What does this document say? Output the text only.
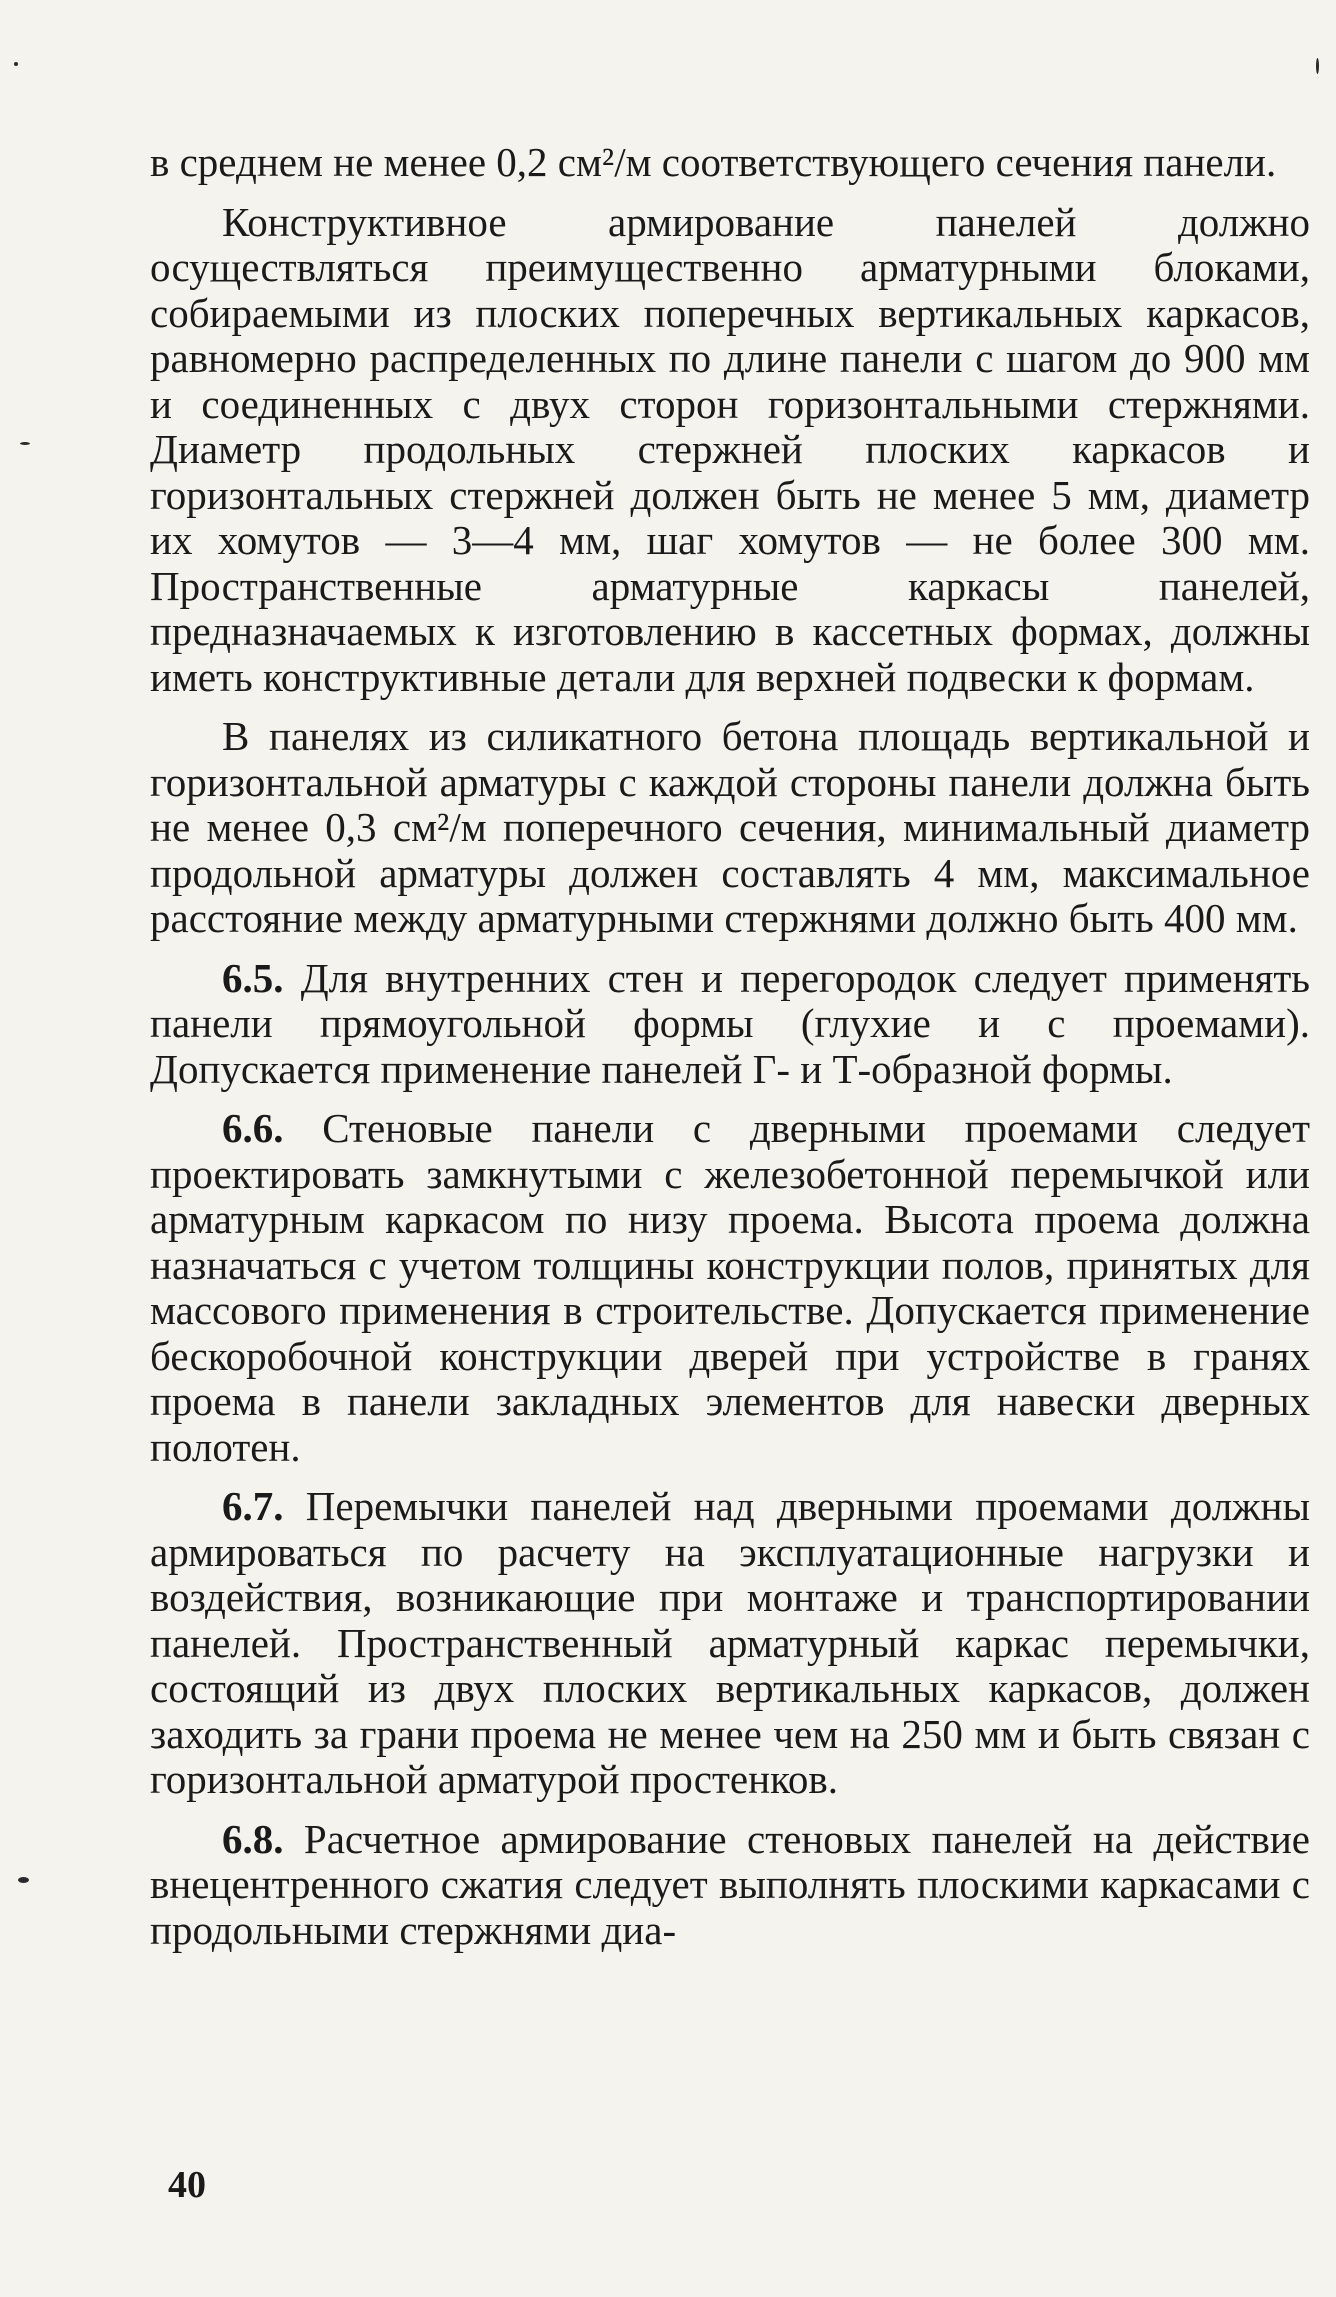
в среднем не менее 0,2 см²/м соответствующего сечения панели.

Конструктивное армирование панелей должно осуществляться преимущественно арматурными блоками, собираемыми из плоских поперечных вертикальных каркасов, равномерно распределенных по длине панели с шагом до 900 мм и соединенных с двух сторон горизонтальными стержнями. Диаметр продольных стержней плоских каркасов и горизонтальных стержней должен быть не менее 5 мм, диаметр их хомутов — 3—4 мм, шаг хомутов — не более 300 мм. Пространственные арматурные каркасы панелей, предназначаемых к изготовлению в кассетных формах, должны иметь конструктивные детали для верхней подвески к формам.

В панелях из силикатного бетона площадь вертикальной и горизонтальной арматуры с каждой стороны панели должна быть не менее 0,3 см²/м поперечного сечения, минимальный диаметр продольной арматуры должен составлять 4 мм, максимальное расстояние между арматурными стержнями должно быть 400 мм.

6.5. Для внутренних стен и перегородок следует применять панели прямоугольной формы (глухие и с проемами). Допускается применение панелей Г- и Т-образной формы.

6.6. Стеновые панели с дверными проемами следует проектировать замкнутыми с железобетонной перемычкой или арматурным каркасом по низу проема. Высота проема должна назначаться с учетом толщины конструкции полов, принятых для массового применения в строительстве. Допускается применение бескоробочной конструкции дверей при устройстве в гранях проема в панели закладных элементов для навески дверных полотен.

6.7. Перемычки панелей над дверными проемами должны армироваться по расчету на эксплуатационные нагрузки и воздействия, возникающие при монтаже и транспортировании панелей. Пространственный арматурный каркас перемычки, состоящий из двух плоских вертикальных каркасов, должен заходить за грани проема не менее чем на 250 мм и быть связан с горизонтальной арматурой простенков.

6.8. Расчетное армирование стеновых панелей на действие внецентренного сжатия следует выполнять плоскими каркасами с продольными стержнями диа-

40
